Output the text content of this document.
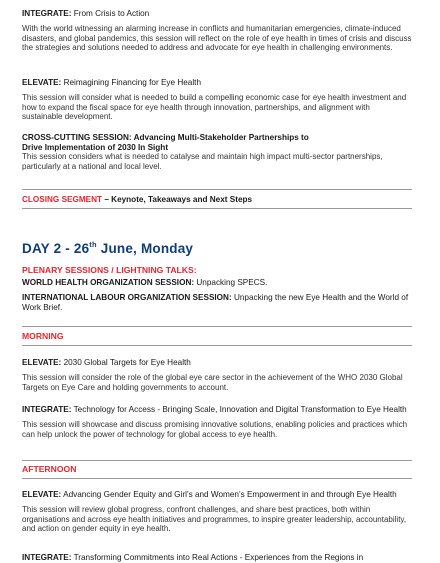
INTEGRATE: From Crisis to Action
With the world witnessing an alarming increase in conflicts and humanitarian emergencies, climate-induced disasters, and global pandemics, this session will reflect on the role of eye health in times of crisis and discuss the strategies and solutions needed to address and advocate for eye health in challenging environments.
ELEVATE: Reimagining Financing for Eye Health
This session will consider what is needed to build a compelling economic case for eye health investment and how to expand the fiscal space for eye health through innovation, partnerships, and alignment with sustainable development.
CROSS-CUTTING SESSION: Advancing Multi-Stakeholder Partnerships to Drive Implementation of 2030 In Sight
This session considers what is needed to catalyse and maintain high impact multi-sector partnerships, particularly at a national and local level.
CLOSING SEGMENT – Keynote, Takeaways and Next Steps
DAY 2 - 26th June, Monday
PLENARY SESSIONS / LIGHTNING TALKS:
WORLD HEALTH ORGANIZATION SESSION: Unpacking SPECS.
INTERNATIONAL LABOUR ORGANIZATION SESSION: Unpacking the new Eye Health and the World of Work Brief.
MORNING
ELEVATE: 2030 Global Targets for Eye Health
This session will consider the role of the global eye care sector in the achievement of the WHO 2030 Global Targets on Eye Care and holding governments to account.
INTEGRATE: Technology for Access - Bringing Scale, Innovation and Digital Transformation to Eye Health
This session will showcase and discuss promising innovative solutions, enabling policies and practices which can help unlock the power of technology for global access to eye health.
AFTERNOON
ELEVATE: Advancing Gender Equity and Girl’s and Women’s Empowerment in and through Eye Health
This session will review global progress, confront challenges, and share best practices, both within organisations and across eye health initiatives and programmes, to inspire greater leadership, accountability, and action on gender equity in eye health.
INTEGRATE: Transforming Commitments into Real Actions - Experiences from the Regions in
